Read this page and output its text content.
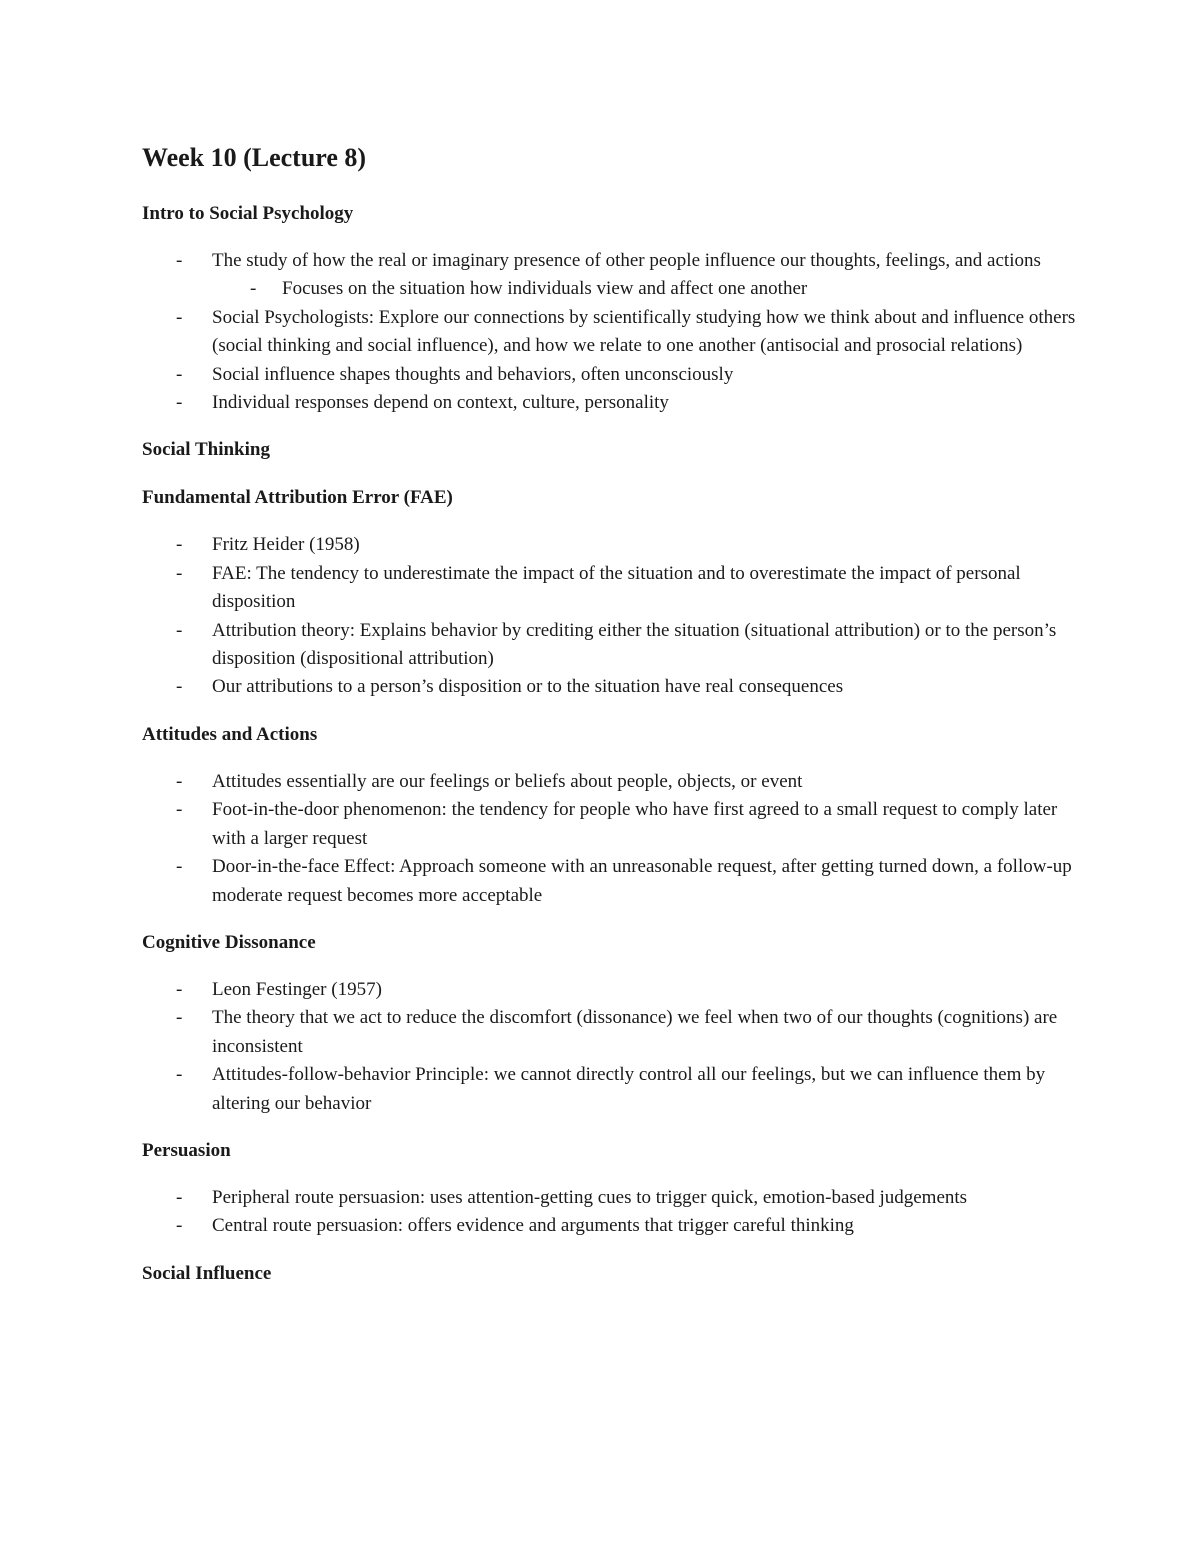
Week 10 (Lecture 8)
Intro to Social Psychology
- The study of how the real or imaginary presence of other people influence our thoughts, feelings, and actions
- Focuses on the situation how individuals view and affect one another
- Social Psychologists: Explore our connections by scientifically studying how we think about and influence others (social thinking and social influence), and how we relate to one another (antisocial and prosocial relations)
- Social influence shapes thoughts and behaviors, often unconsciously
- Individual responses depend on context, culture, personality
Social Thinking
Fundamental Attribution Error (FAE)
- Fritz Heider (1958)
- FAE: The tendency to underestimate the impact of the situation and to overestimate the impact of personal disposition
- Attribution theory: Explains behavior by crediting either the situation (situational attribution) or to the person’s disposition (dispositional attribution)
- Our attributions to a person’s disposition or to the situation have real consequences
Attitudes and Actions
- Attitudes essentially are our feelings or beliefs about people, objects, or event
- Foot-in-the-door phenomenon: the tendency for people who have first agreed to a small request to comply later with a larger request
- Door-in-the-face Effect: Approach someone with an unreasonable request, after getting turned down, a follow-up moderate request becomes more acceptable
Cognitive Dissonance
- Leon Festinger (1957)
- The theory that we act to reduce the discomfort (dissonance) we feel when two of our thoughts (cognitions) are inconsistent
- Attitudes-follow-behavior Principle: we cannot directly control all our feelings, but we can influence them by altering our behavior
Persuasion
- Peripheral route persuasion: uses attention-getting cues to trigger quick, emotion-based judgements
- Central route persuasion: offers evidence and arguments that trigger careful thinking
Social Influence
